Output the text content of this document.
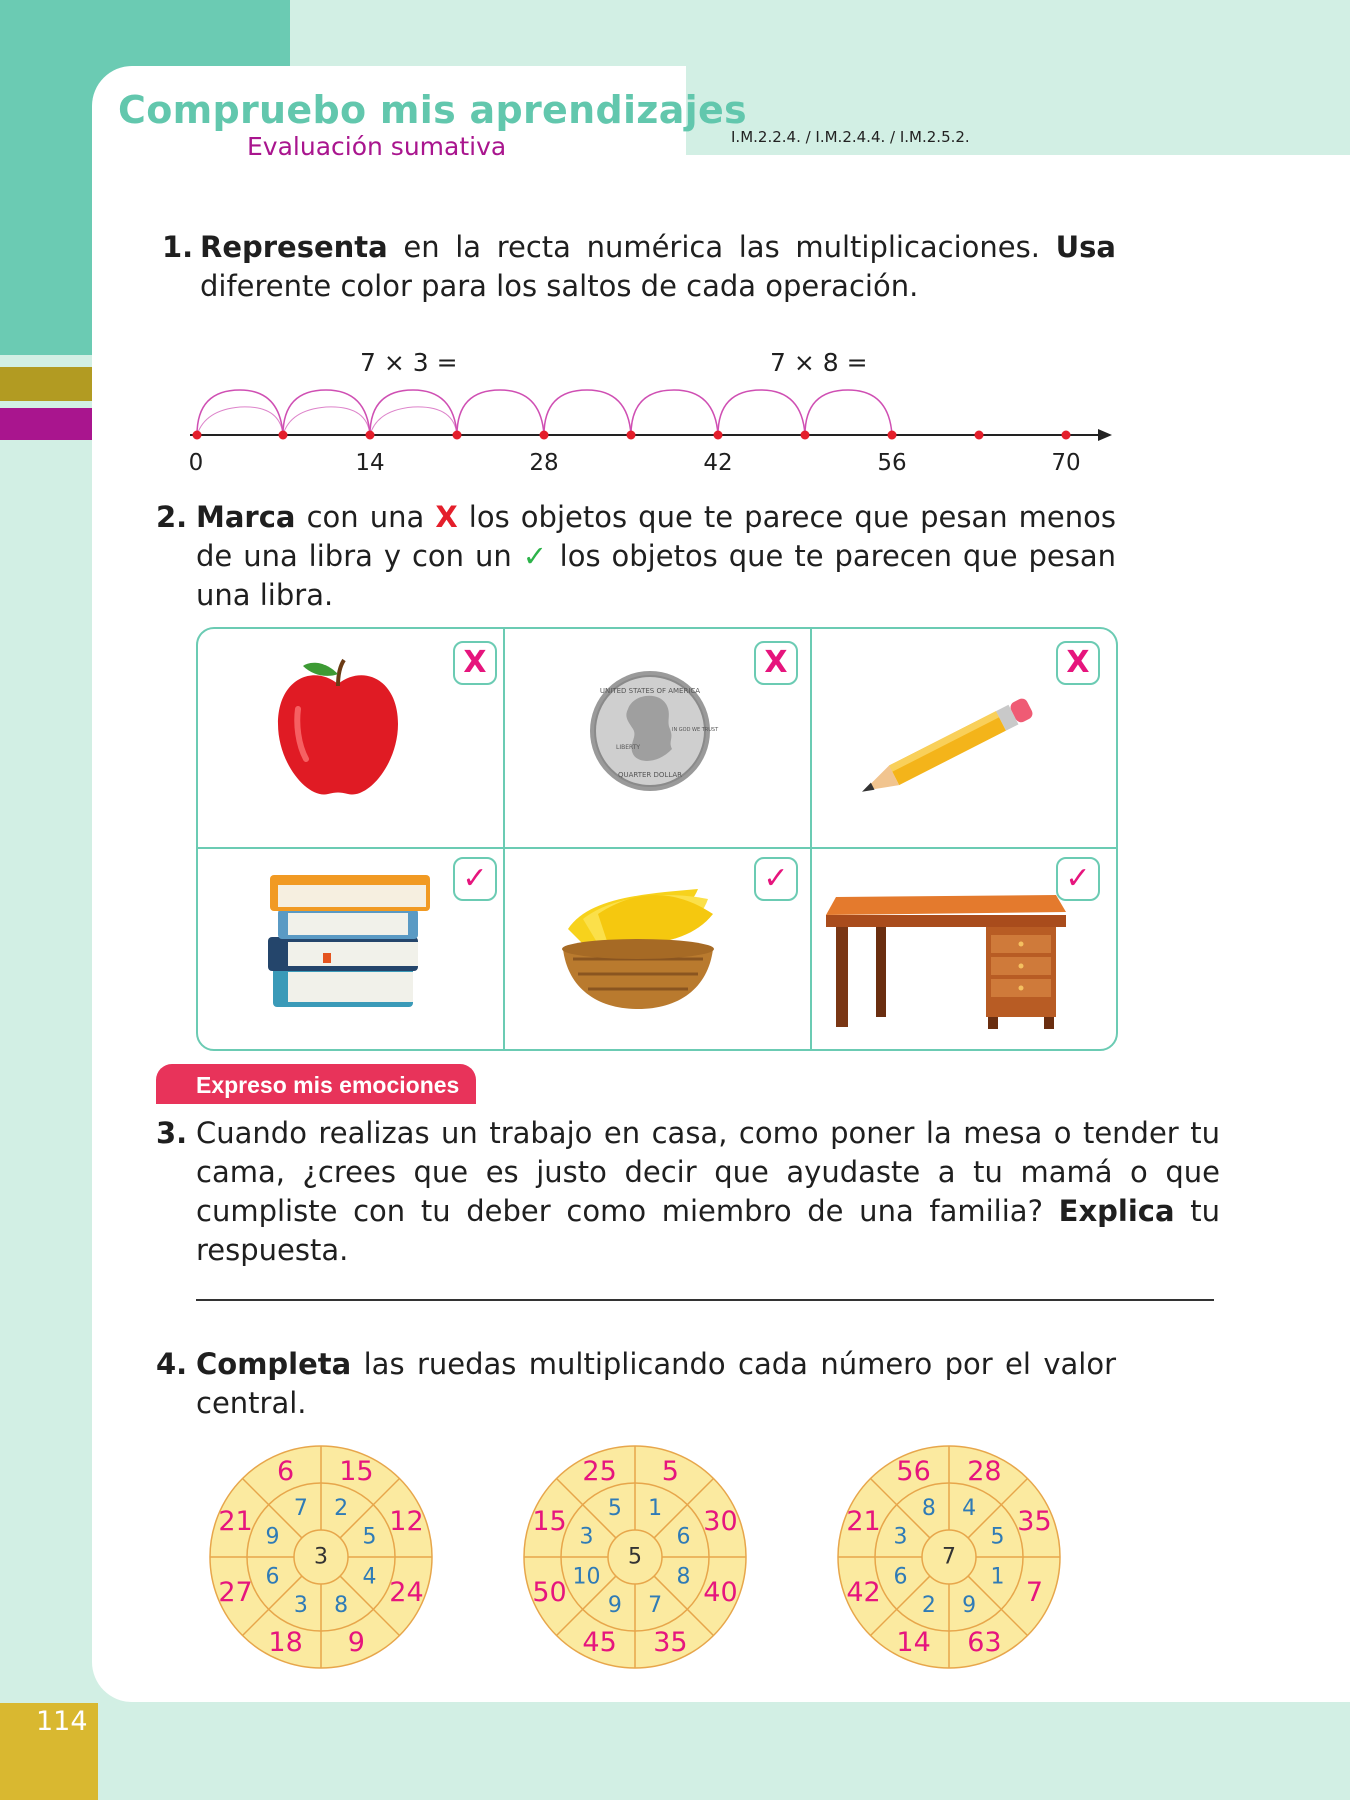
114
Compruebo mis aprendizajes
Evaluación sumativa	I.M.2.2.4. / I.M.2.4.4. / I.M.2.5.2.
1. Representa en la recta numérica las multiplicaciones. Usa diferente color para los saltos de cada operación.
7 × 3 =	7 × 8 =
0	14	28	42	56	70
2. Marca con una X los objetos que te parece que pesan menos de una libra y con un ✓ los objetos que te parecen que pesan una libra.
X
UNITED STATES OF AMERICA
QUARTER DOLLAR
LIBERTY
IN GOD WE TRUST
X	X
✓	✓	✓
Expreso mis emociones
3. Cuando realizas un trabajo en casa, como poner la mesa o tender tu cama, ¿crees que es justo decir que ayudaste a tu mamá o que cumpliste con tu deber como miembro de una familia? Explica tu respuesta.
4. Completa las ruedas multiplicando cada número por el valor central.
3
2
5
4
8
3
6
9
7
15
12
24
9
18
27
21
6
5
1
6
8
7
9
10
3
5
5
30
40
35
45
50
15
25
7
4
5
1
9
2
6
3
8
28
35
7
63
14
42
21
56
